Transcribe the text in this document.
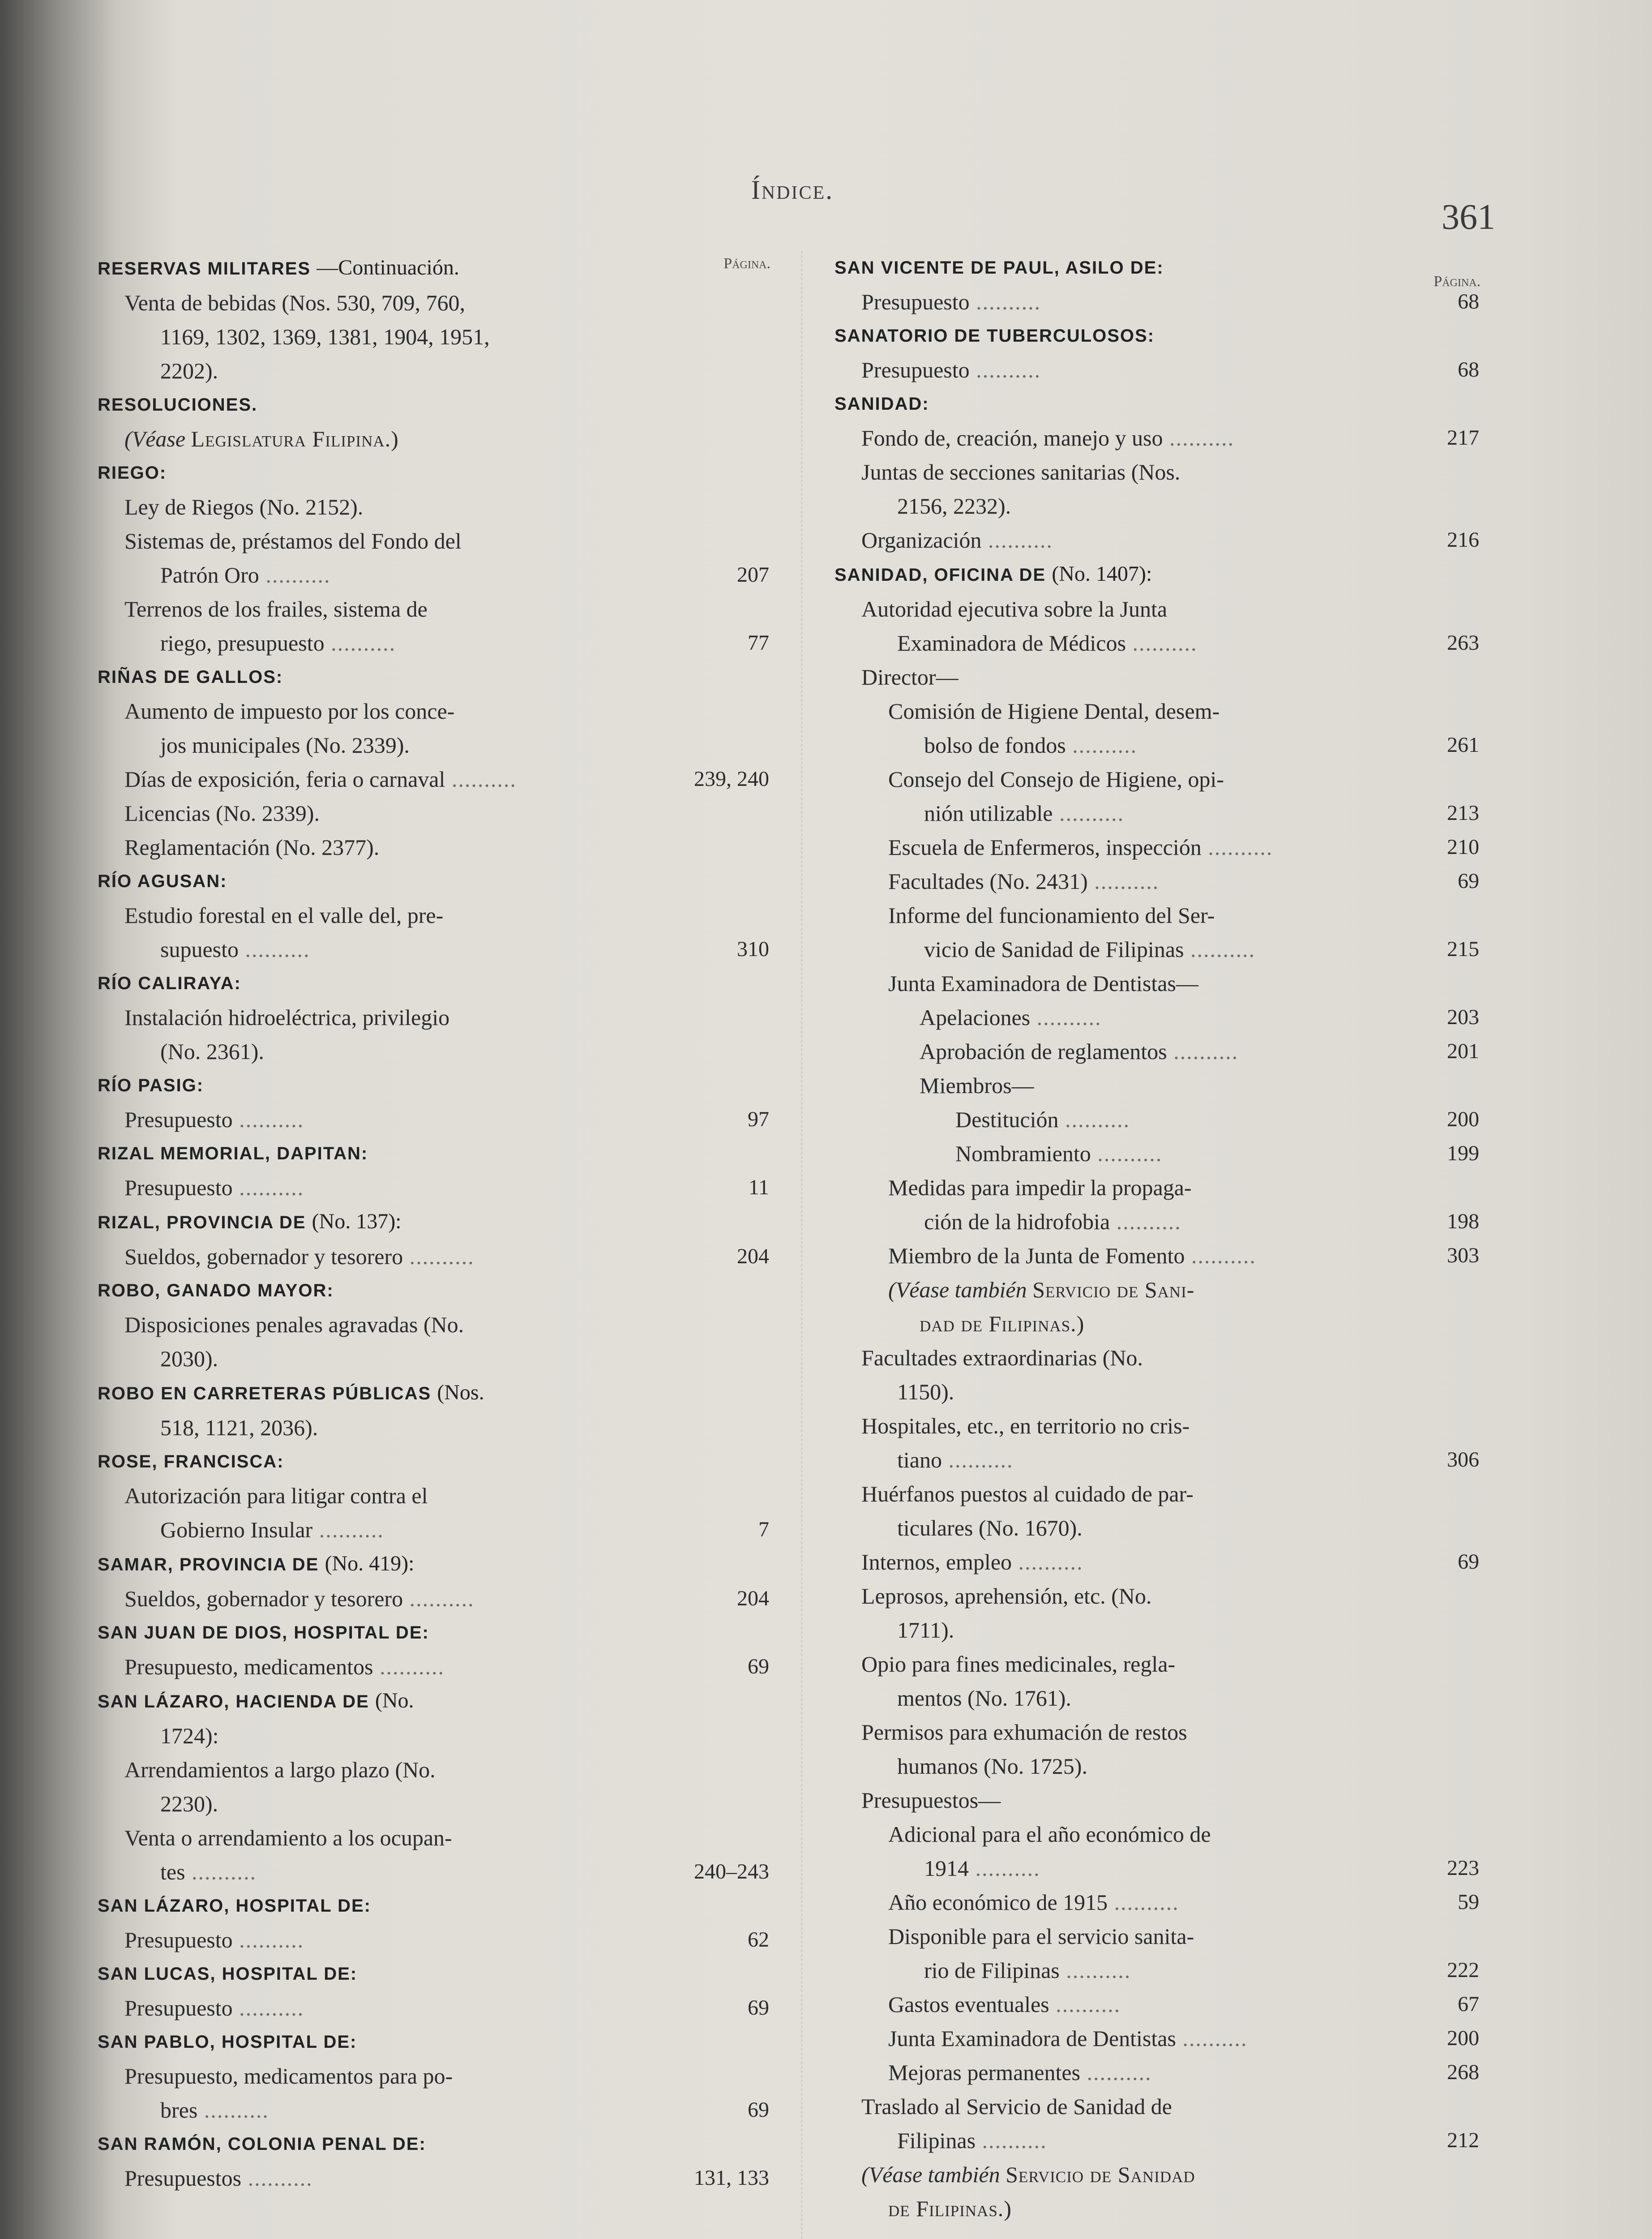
Índice.
361
Página.
RESERVAS MILITARES —Continuación.
Venta de bebidas (Nos. 530, 709, 760,
1169, 1302, 1369, 1381, 1904, 1951,
2202).
RESOLUCIONES.
(Véase Legislatura Filipina.)
RIEGO:
Ley de Riegos (No. 2152).
Sistemas de, préstamos del Fondo del
Patrón Oro ..........	207
Terrenos de los frailes, sistema de
riego, presupuesto ..........	77
RIÑAS DE GALLOS:
Aumento de impuesto por los conce-
jos municipales (No. 2339).
Días de exposición, feria o carnaval ..........	239, 240
Licencias (No. 2339).
Reglamentación (No. 2377).
RÍO AGUSAN:
Estudio forestal en el valle del, pre-
supuesto ..........	310
RÍO CALIRAYA:
Instalación hidroeléctrica, privilegio
(No. 2361).
RÍO PASIG:
Presupuesto ..........	97
RIZAL MEMORIAL, DAPITAN:
Presupuesto ..........	11
RIZAL, PROVINCIA DE (No. 137):
Sueldos, gobernador y tesorero ..........	204
ROBO, GANADO MAYOR:
Disposiciones penales agravadas (No.
2030).
ROBO EN CARRETERAS PÚBLICAS (Nos.
518, 1121, 2036).
ROSE, FRANCISCA:
Autorización para litigar contra el
Gobierno Insular ..........	7
SAMAR, PROVINCIA DE (No. 419):
Sueldos, gobernador y tesorero ..........	204
SAN JUAN DE DIOS, HOSPITAL DE:
Presupuesto, medicamentos ..........	69
SAN LÁZARO, HACIENDA DE (No.
1724):
Arrendamientos a largo plazo (No.
2230).
Venta o arrendamiento a los ocupan-
tes ..........	240–243
SAN LÁZARO, HOSPITAL DE:
Presupuesto ..........	62
SAN LUCAS, HOSPITAL DE:
Presupuesto ..........	69
SAN PABLO, HOSPITAL DE:
Presupuesto, medicamentos para po-
bres ..........	69
SAN RAMÓN, COLONIA PENAL DE:
Presupuestos ..........	131, 133
Página.
SAN VICENTE DE PAUL, ASILO DE:
Presupuesto ..........	68
SANATORIO DE TUBERCULOSOS:
Presupuesto ..........	68
SANIDAD:
Fondo de, creación, manejo y uso ..........	217
Juntas de secciones sanitarias (Nos.
2156, 2232).
Organización ..........	216
SANIDAD, OFICINA DE (No. 1407):
Autoridad ejecutiva sobre la Junta
Examinadora de Médicos ..........	263
Director—
Comisión de Higiene Dental, desem-
bolso de fondos ..........	261
Consejo del Consejo de Higiene, opi-
nión utilizable ..........	213
Escuela de Enfermeros, inspección ..........	210
Facultades (No. 2431) ..........	69
Informe del funcionamiento del Ser-
vicio de Sanidad de Filipinas ..........	215
Junta Examinadora de Dentistas—
Apelaciones ..........	203
Aprobación de reglamentos ..........	201
Miembros—
Destitución ..........	200
Nombramiento ..........	199
Medidas para impedir la propaga-
ción de la hidrofobia ..........	198
Miembro de la Junta de Fomento ..........	303
(Véase también Servicio de Sani-
dad de Filipinas.)
Facultades extraordinarias (No.
1150).
Hospitales, etc., en territorio no cris-
tiano ..........	306
Huérfanos puestos al cuidado de par-
ticulares (No. 1670).
Internos, empleo ..........	69
Leprosos, aprehensión, etc. (No.
1711).
Opio para fines medicinales, regla-
mentos (No. 1761).
Permisos para exhumación de restos
humanos (No. 1725).
Presupuestos—
Adicional para el año económico de
1914 ..........	223
Año económico de 1915 ..........	59
Disponible para el servicio sanita-
rio de Filipinas ..........	222
Gastos eventuales ..........	67
Junta Examinadora de Dentistas ..........	200
Mejoras permanentes ..........	268
Traslado al Servicio de Sanidad de
Filipinas ..........	212
(Véase también Servicio de Sanidad
de Filipinas.)
